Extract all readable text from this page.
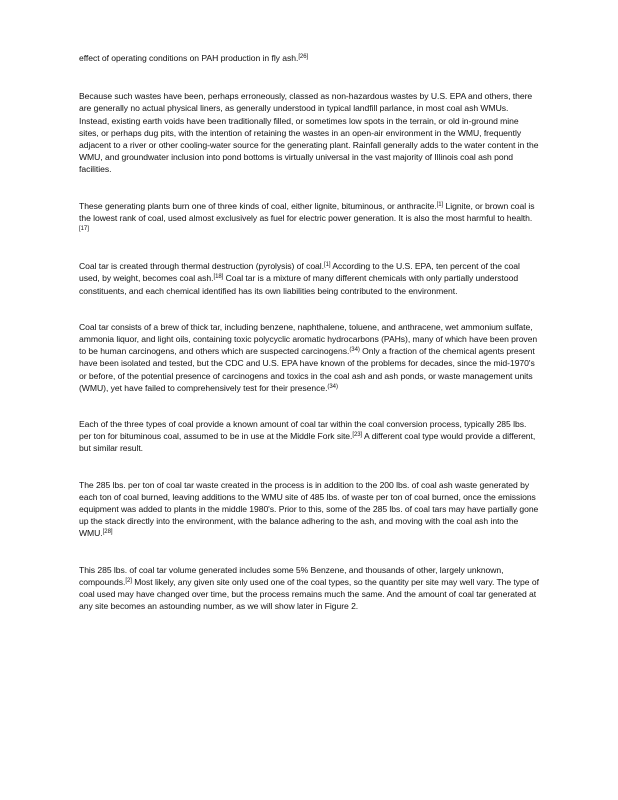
effect of operating conditions on PAH production in fly ash.[26]

Because such wastes have been, perhaps erroneously, classed as non-hazardous wastes by U.S. EPA and others, there are generally no actual physical liners, as generally understood in typical landfill parlance, in most coal ash WMUs. Instead, existing earth voids have been traditionally filled, or sometimes low spots in the terrain, or old in-ground mine sites, or perhaps dug pits, with the intention of retaining the wastes in an open-air environment in the WMU, frequently adjacent to a river or other cooling-water source for the generating plant. Rainfall generally adds to the water content in the WMU, and groundwater inclusion into pond bottoms is virtually universal in the vast majority of Illinois coal ash pond facilities.

These generating plants burn one of three kinds of coal, either lignite, bituminous, or anthracite.[1] Lignite, or brown coal is the lowest rank of coal, used almost exclusively as fuel for electric power generation. It is also the most harmful to health.[17]

Coal tar is created through thermal destruction (pyrolysis) of coal.[1] According to the U.S. EPA, ten percent of the coal used, by weight, becomes coal ash.[18] Coal tar is a mixture of many different chemicals with only partially understood constituents, and each chemical identified has its own liabilities being contributed to the environment.

Coal tar consists of a brew of thick tar, including benzene, naphthalene, toluene, and anthracene, wet ammonium sulfate, ammonia liquor, and light oils, containing toxic polycyclic aromatic hydrocarbons (PAHs), many of which have been proven to be human carcinogens, and others which are suspected carcinogens.$^{(34)}$ Only a fraction of the chemical agents present have been isolated and tested, but the CDC and U.S. EPA have known of the problems for decades, since the mid-1970's or before, of the potential presence of carcinogens and toxics in the coal ash and ash ponds, or waste management units (WMU), yet have failed to comprehensively test for their presence.$^{(34)}$

Each of the three types of coal provide a known amount of coal tar within the coal conversion process, typically 285 lbs. per ton for bituminous coal, assumed to be in use at the Middle Fork site.[23] A different coal type would provide a different, but similar result.

The 285 lbs. per ton of coal tar waste created in the process is in addition to the 200 lbs. of coal ash waste generated by each ton of coal burned, leaving additions to the WMU site of 485 lbs. of waste per ton of coal burned, once the emissions equipment was added to plants in the middle 1980's. Prior to this, some of the 285 lbs. of coal tars may have partially gone up the stack directly into the environment, with the balance adhering to the ash, and moving with the coal ash into the WMU.[28]

This 285 lbs. of coal tar volume generated includes some 5% Benzene, and thousands of other, largely unknown, compounds.[2] Most likely, any given site only used one of the coal types, so the quantity per site may well vary. The type of coal used may have changed over time, but the process remains much the same. And the amount of coal tar generated at any site becomes an astounding number, as we will show later in Figure 2.
